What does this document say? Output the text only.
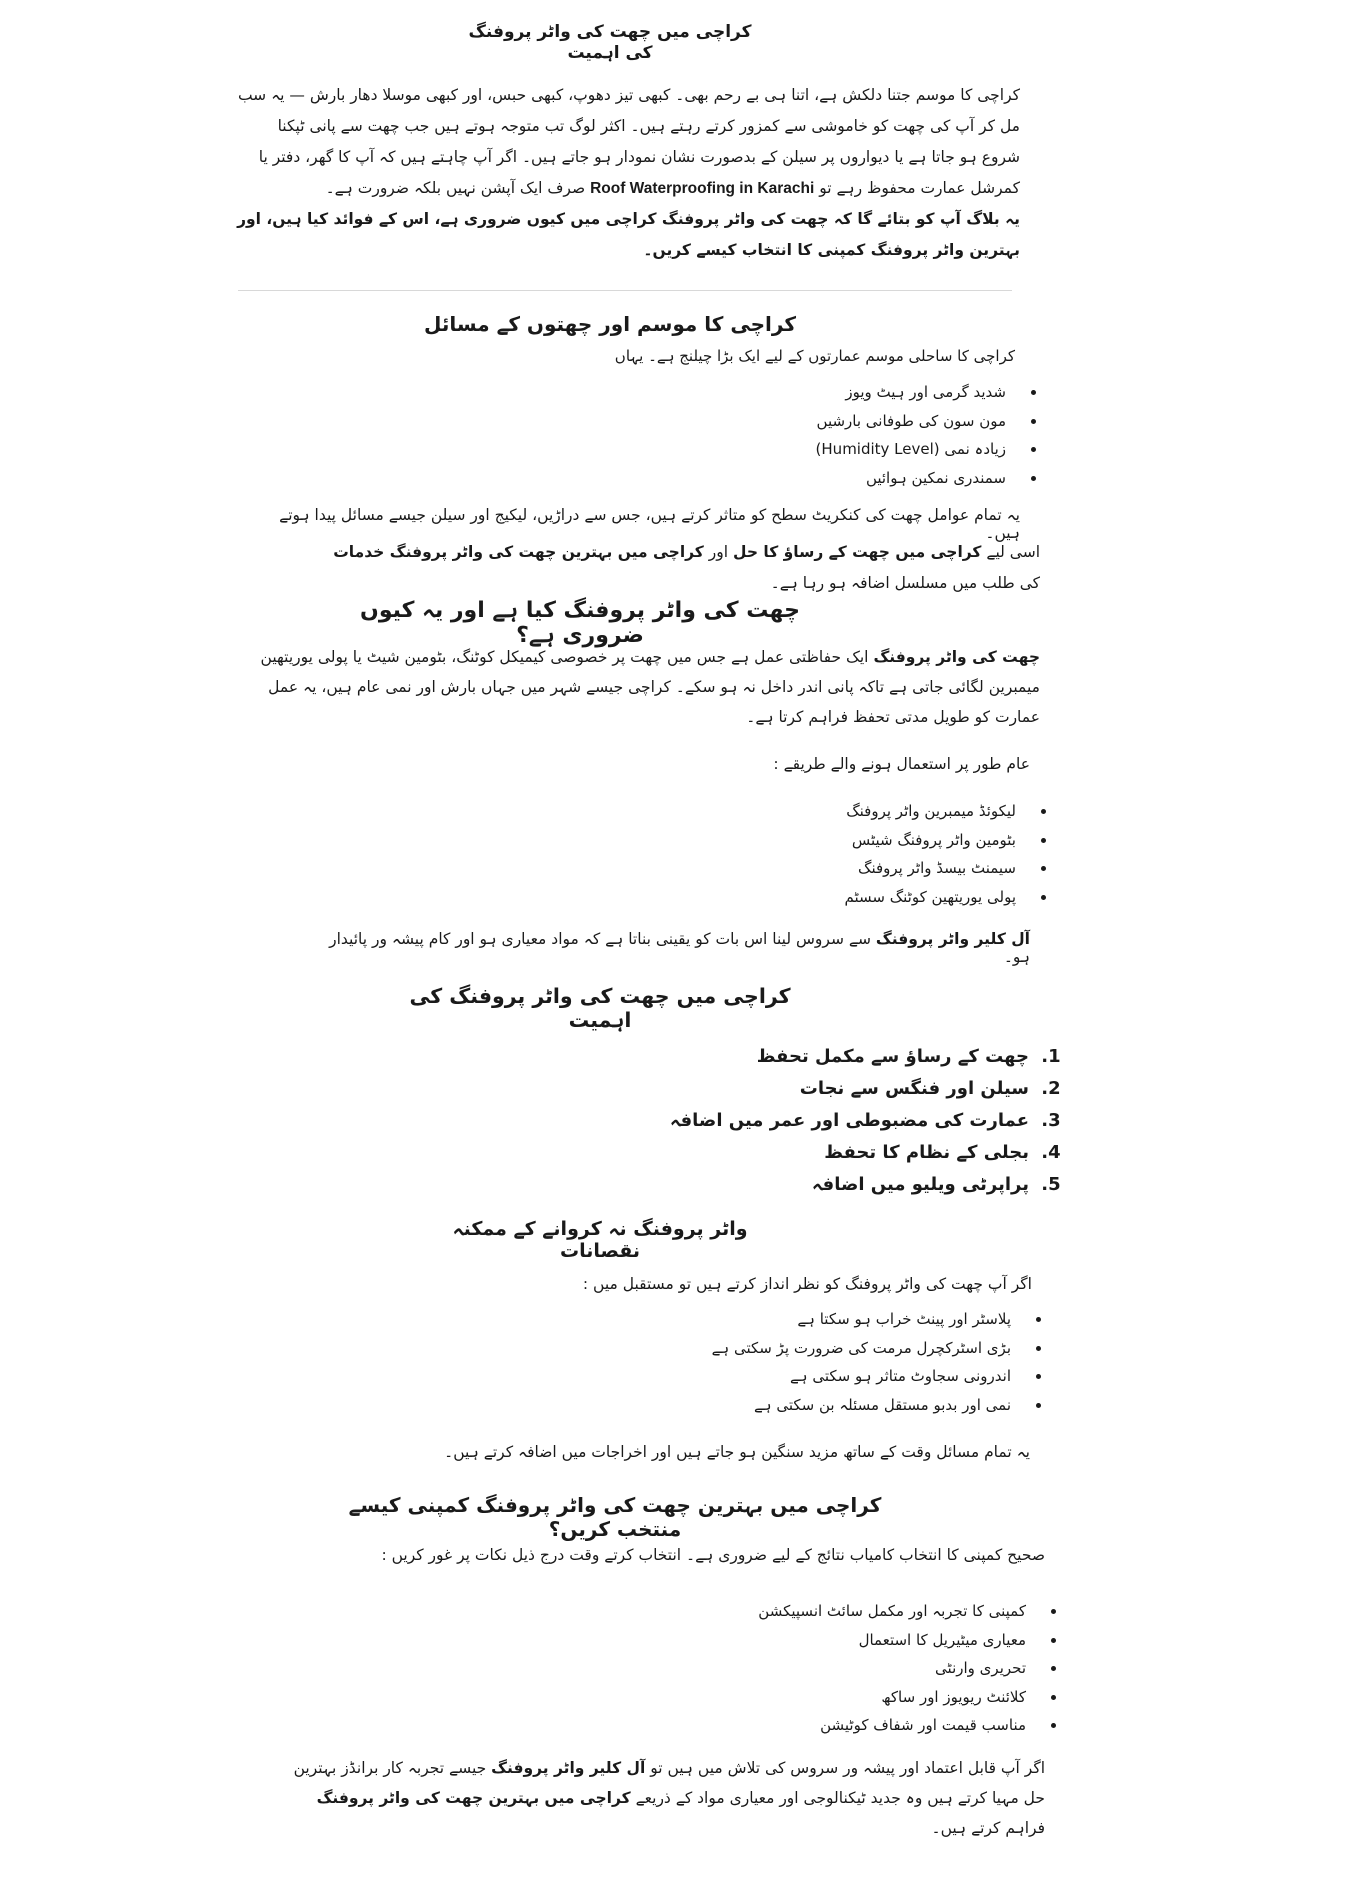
کراچی میں چھت کی واٹر پروفنگ کی اہمیت
کراچی کا موسم جتنا دلکش ہے، اتنا ہی بے رحم بھی۔ کبھی تیز دھوپ، کبھی حبس، اور کبھی موسلا دھار بارش — یہ سب مل کر آپ کی چھت کو خاموشی سے کمزور کرتے رہتے ہیں۔ اکثر لوگ تب متوجہ ہوتے ہیں جب چھت سے پانی ٹپکنا شروع ہو جاتا ہے یا دیواروں پر سیلن کے بدصورت نشان نمودار ہو جاتے ہیں۔ اگر آپ چاہتے ہیں کہ آپ کا گھر، دفتر یا کمرشل عمارت محفوظ رہے تو Roof Waterproofing in Karachi صرف ایک آپشن نہیں بلکہ ضرورت ہے۔
یہ بلاگ آپ کو بتائے گا کہ چھت کی واٹر پروفنگ کراچی میں کیوں ضروری ہے، اس کے فوائد کیا ہیں، اور بہترین واٹر پروفنگ کمپنی کا انتخاب کیسے کریں۔
کراچی کا موسم اور چھتوں کے مسائل
کراچی کا ساحلی موسم عمارتوں کے لیے ایک بڑا چیلنج ہے۔ یہاں
• شدید گرمی اور ہیٹ ویوز
• مون سون کی طوفانی بارشیں
• زیادہ نمی (Humidity Level)
• سمندری نمکین ہوائیں
یہ تمام عوامل چھت کی کنکریٹ سطح کو متاثر کرتے ہیں، جس سے دراڑیں، لیکیج اور سیلن جیسے مسائل پیدا ہوتے ہیں۔
اسی لیے کراچی میں چھت کے رساؤ کا حل اور کراچی میں بہترین چھت کی واٹر پروفنگ خدمات کی طلب میں مسلسل اضافہ ہو رہا ہے۔
چھت کی واٹر پروفنگ کیا ہے اور یہ کیوں ضروری ہے؟
چھت کی واٹر پروفنگ ایک حفاظتی عمل ہے جس میں چھت پر خصوصی کیمیکل کوٹنگ، بٹومین شیٹ یا پولی یوریتھین میمبرین لگائی جاتی ہے تاکہ پانی اندر داخل نہ ہو سکے۔ کراچی جیسے شہر میں جہاں بارش اور نمی عام ہیں، یہ عمل عمارت کو طویل مدتی تحفظ فراہم کرتا ہے۔
عام طور پر استعمال ہونے والے طریقے :
• لیکوئڈ میمبرین واٹر پروفنگ
• بٹومین واٹر پروفنگ شیٹس
• سیمنٹ بیسڈ واٹر پروفنگ
• پولی یوریتھین کوٹنگ سسٹم
آل کلیر واٹر پروفنگ سے سروس لینا اس بات کو یقینی بناتا ہے کہ مواد معیاری ہو اور کام پیشہ ور پائیدار ہو۔
کراچی میں چھت کی واٹر پروفنگ کی اہمیت
1. چھت کے رساؤ سے مکمل تحفظ
2. سیلن اور فنگس سے نجات
3. عمارت کی مضبوطی اور عمر میں اضافہ
4. بجلی کے نظام کا تحفظ
5. پراپرٹی ویلیو میں اضافہ
واٹر پروفنگ نہ کروانے کے ممکنہ نقصانات
اگر آپ چھت کی واٹر پروفنگ کو نظر انداز کرتے ہیں تو مستقبل میں :
• پلاسٹر اور پینٹ خراب ہو سکتا ہے
• بڑی اسٹرکچرل مرمت کی ضرورت پڑ سکتی ہے
• اندرونی سجاوٹ متاثر ہو سکتی ہے
• نمی اور بدبو مستقل مسئلہ بن سکتی ہے
یہ تمام مسائل وقت کے ساتھ مزید سنگین ہو جاتے ہیں اور اخراجات میں اضافہ کرتے ہیں۔
کراچی میں بہترین چھت کی واٹر پروفنگ کمپنی کیسے منتخب کریں؟
صحیح کمپنی کا انتخاب کامیاب نتائج کے لیے ضروری ہے۔ انتخاب کرتے وقت درج ذیل نکات پر غور کریں :
• کمپنی کا تجربہ اور مکمل سائٹ انسپیکشن
• معیاری میٹیریل کا استعمال
• تحریری وارنٹی
• کلائنٹ ریویوز اور ساکھ
• مناسب قیمت اور شفاف کوٹیشن
اگر آپ قابل اعتماد اور پیشہ ور سروس کی تلاش میں ہیں تو آل کلیر واٹر پروفنگ جیسے تجربہ کار برانڈز بہترین حل مہیا کرتے ہیں وہ جدید ٹیکنالوجی اور معیاری مواد کے ذریعے کراچی میں بہترین چھت کی واٹر پروفنگ فراہم کرتے ہیں۔
